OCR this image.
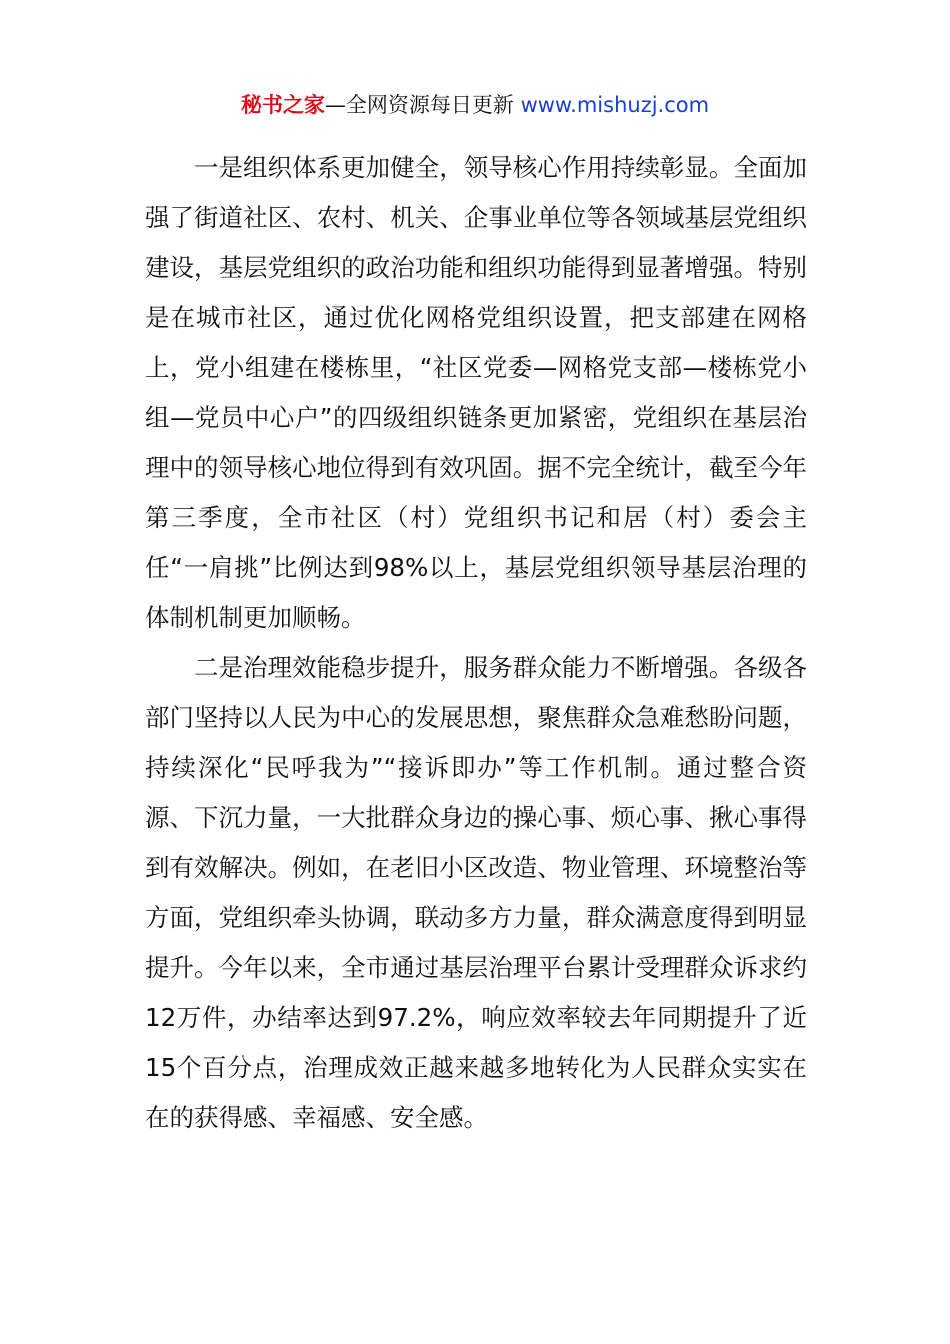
秘书之家—全网资源每日更新 www.mishuzj.com

一是组织体系更加健全，领导核心作用持续彰显。全面加强了街道社区、农村、机关、企事业单位等各领域基层党组织建设，基层党组织的政治功能和组织功能得到显著增强。特别是在城市社区，通过优化网格党组织设置，把支部建在网格上，党小组建在楼栋里，“社区党委—网格党支部—楼栋党小组—党员中心户”的四级组织链条更加紧密，党组织在基层治理中的领导核心地位得到有效巩固。据不完全统计，截至今年第三季度，全市社区（村）党组织书记和居（村）委会主任“一肩挑”比例达到98%以上，基层党组织领导基层治理的体制机制更加顺畅。

二是治理效能稳步提升，服务群众能力不断增强。各级各部门坚持以人民为中心的发展思想，聚焦群众急难愁盼问题，持续深化“民呼我为”“接诉即办”等工作机制。通过整合资源、下沉力量，一大批群众身边的操心事、烦心事、揪心事得到有效解决。例如，在老旧小区改造、物业管理、环境整治等方面，党组织牵头协调，联动多方力量，群众满意度得到明显提升。今年以来，全市通过基层治理平台累计受理群众诉求约12万件，办结率达到97.2%，响应效率较去年同期提升了近15个百分点，治理成效正越来越多地转化为人民群众实实在在的获得感、幸福感、安全感。
